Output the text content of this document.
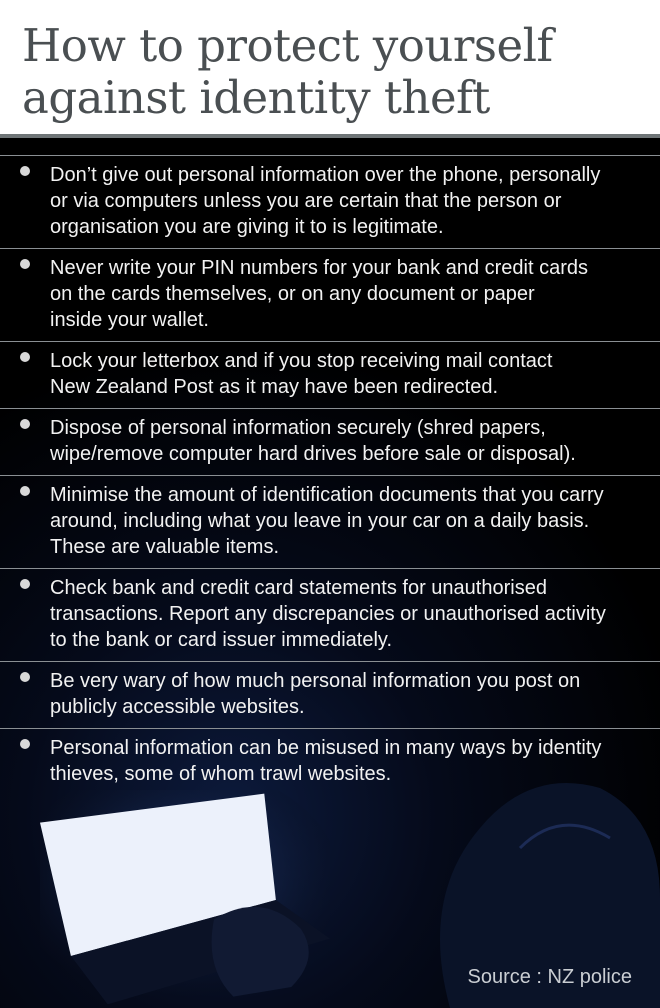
How to protect yourself
against identity theft
Don’t give out personal information over the phone, personally
or via computers unless you are certain that the person or
organisation you are giving it to is legitimate.
Never write your PIN numbers for your bank and credit cards
on the cards themselves, or on any document or paper
inside your wallet.
Lock your letterbox and if you stop receiving mail contact
New Zealand Post as it may have been redirected.
Dispose of personal information securely (shred papers,
wipe/remove computer hard drives before sale or disposal).
Minimise the amount of identification documents that you carry
around, including what you leave in your car on a daily basis.
These are valuable items.
Check bank and credit card statements for unauthorised
transactions. Report any discrepancies or unauthorised activity
to the bank or card issuer immediately.
Be very wary of how much personal information you post on
publicly accessible websites.
Personal information can be misused in many ways by identity
thieves, some of whom trawl websites.
Source : NZ police
